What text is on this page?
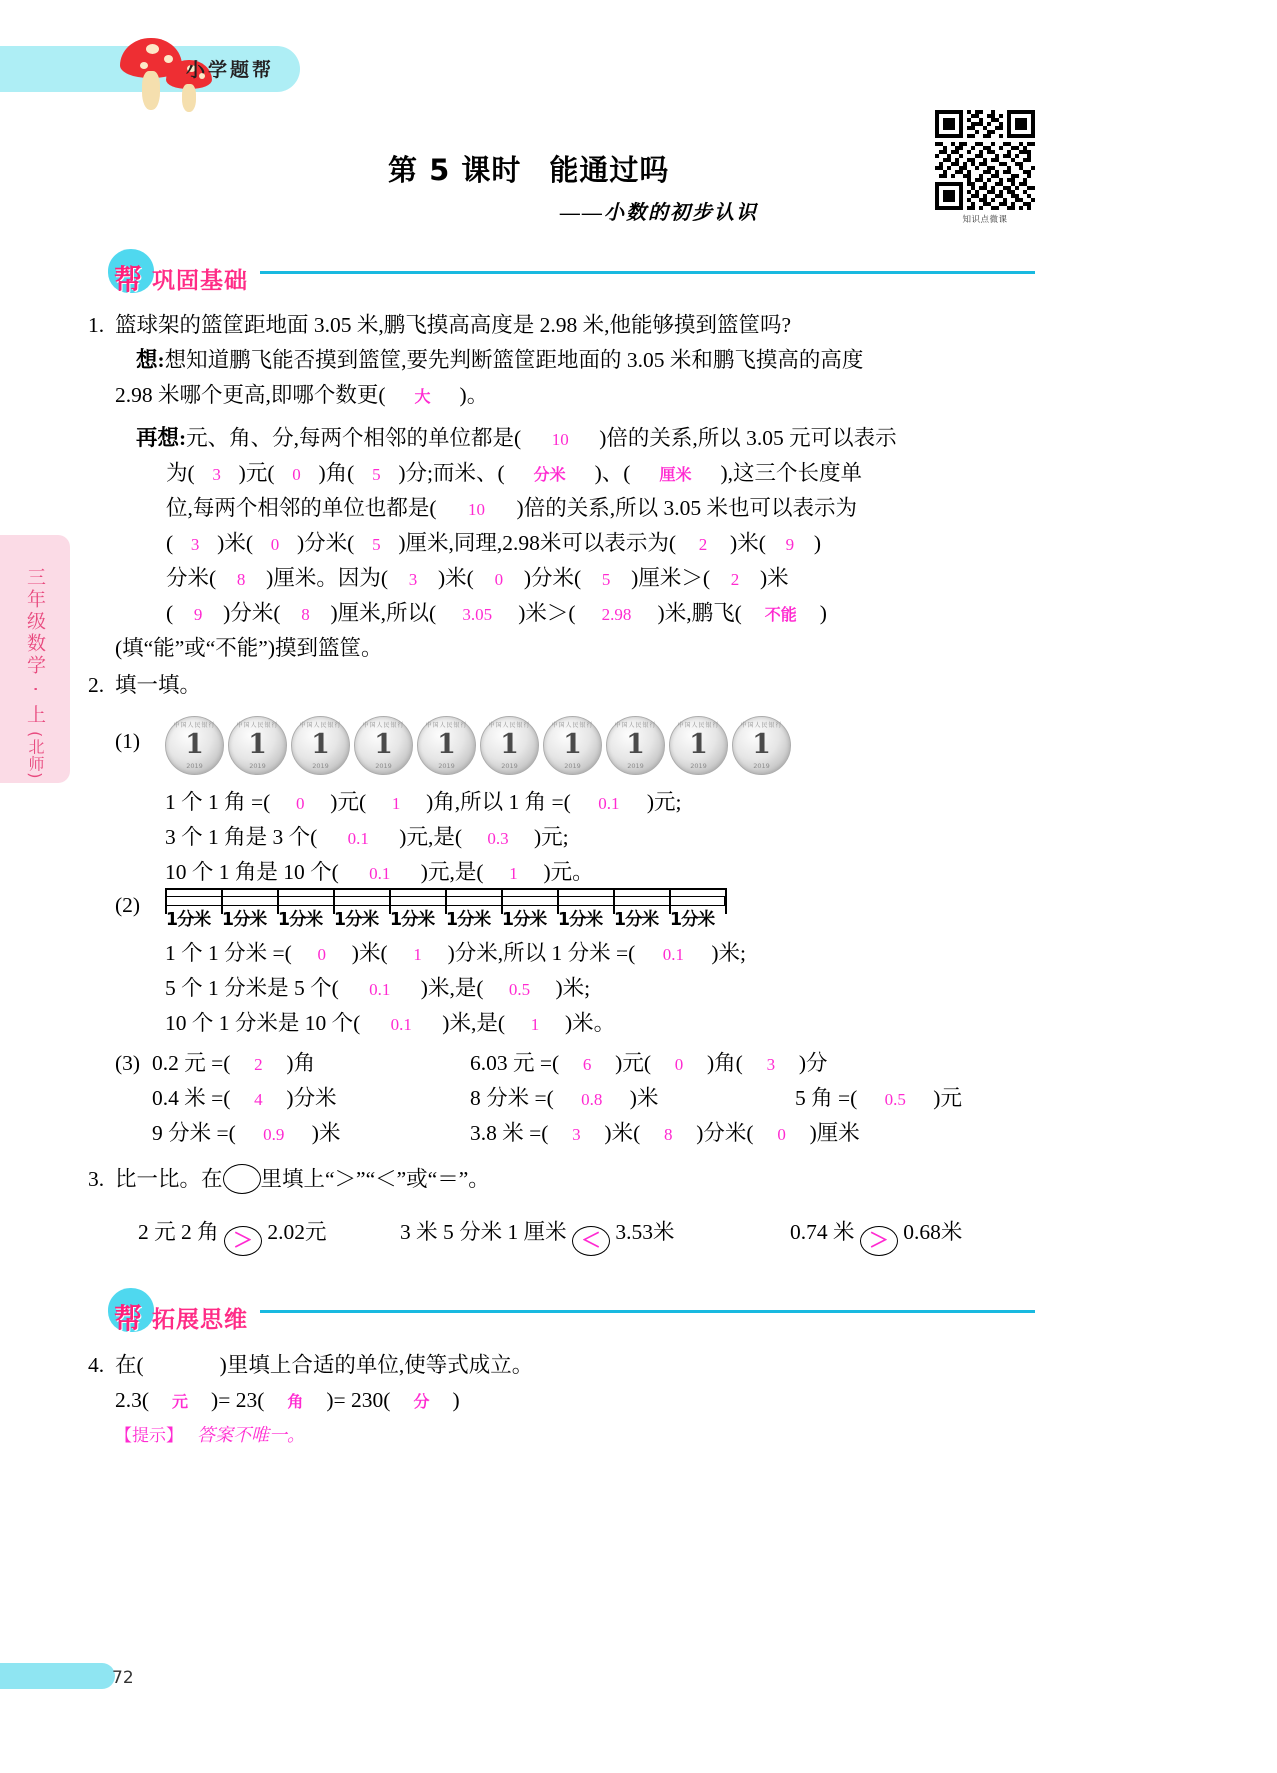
小学题帮
知识点微课
第 5 课时 能通过吗
——小数的初步认识
帮 巩固基础
1. 篮球架的篮筐距地面 3.05 米,鹏飞摸高高度是 2.98 米,他能够摸到篮筐吗?
想:想知道鹏飞能否摸到篮筐,要先判断篮筐距地面的 3.05 米和鹏飞摸高的高度
2.98 米哪个更高,即哪个数更( 大 )。
再想:元、角、分,每两个相邻的单位都是( 10 )倍的关系,所以 3.05 元可以表示
为( 3 )元( 0 )角( 5 )分;而米、( 分米 )、( 厘米 ),这三个长度单
位,每两个相邻的单位也都是( 10 )倍的关系,所以 3.05 米也可以表示为
( 3 )米( 0 )分米( 5 )厘米,同理,2.98米可以表示为( 2 )米( 9 )
分米( 8 )厘米。因为( 3 )米( 0 )分米( 5 )厘米＞( 2 )米
( 9 )分米( 8 )厘米,所以( 3.05 )米＞( 2.98 )米,鹏飞( 不能 )
(填“能”或“不能”)摸到篮筐。
2. 填一填。
(1)
中国人民银行
1
2019
中国人民银行
1
2019
中国人民银行
1
2019
中国人民银行
1
2019
中国人民银行
1
2019
中国人民银行
1
2019
中国人民银行
1
2019
中国人民银行
1
2019
中国人民银行
1
2019
中国人民银行
1
2019
1 个 1 角 =( 0 )元( 1 )角,所以 1 角 =( 0.1 )元;
3 个 1 角是 3 个( 0.1 )元,是( 0.3 )元;
10 个 1 角是 10 个( 0.1 )元,是( 1 )元。
(2)
1分米 1分米 1分米 1分米 1分米 1分米 1分米 1分米 1分米 1分米
1 个 1 分米 =( 0 )米( 1 )分米,所以 1 分米 =( 0.1 )米;
5 个 1 分米是 5 个( 0.1 )米,是( 0.5 )米;
10 个 1 分米是 10 个( 0.1 )米,是( 1 )米。
(3) 0.2 元 =( 2 )角	6.03 元 =( 6 )元( 0 )角( 3 )分
0.4 米 =( 4 )分米	8 分米 =( 0.8 )米	5 角 =( 0.5 )元
9 分米 =( 0.9 )米	3.8 米 =( 3 )米( 8 )分米( 0 )厘米
3. 比一比。在 里填上“＞”“＜”或“＝”。
2 元 2 角 ＞ 2.02元	3 米 5 分米 1 厘米 ＜ 3.53米	0.74 米 ＞ 0.68米
帮 拓展思维
4. 在(	)里填上合适的单位,使等式成立。
2.3( 元 )= 23( 角 )= 230( 分 )
【提示】 答案不唯一。
三年级数学 · 上
(北师)
72
